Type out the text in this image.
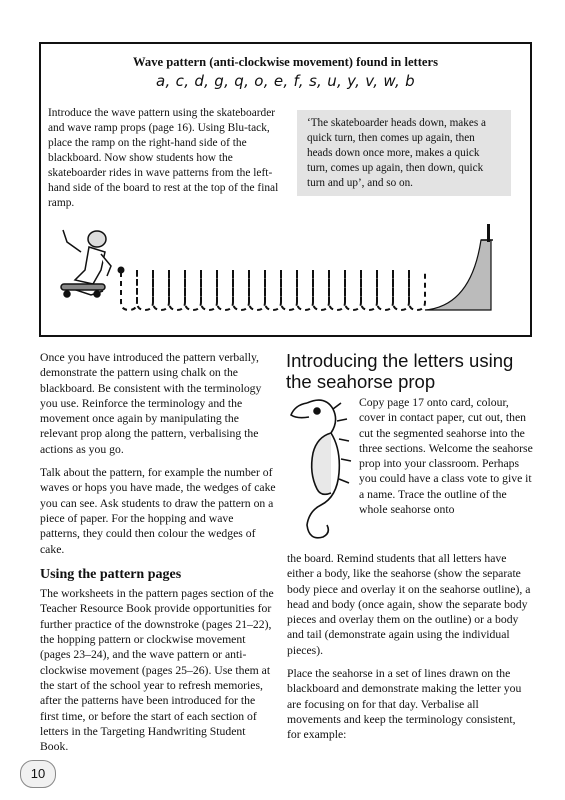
Wave pattern (anti-clockwise movement) found in letters
a, c, d, g, q, o, e, f, s, u, y, v, w, b
Introduce the wave pattern using the skateboarder and wave ramp props (page 16). Using Blu-tack, place the ramp on the right-hand side of the blackboard. Now show students how the skateboarder rides in wave patterns from the left-hand side of the board to rest at the top of the final ramp.
‘The skateboarder heads down, makes a quick turn, then comes up again, then heads down once more, makes a quick turn, comes up again, then down, quick turn and up’, and so on.

Once you have introduced the pattern verbally, demonstrate the pattern using chalk on the blackboard. Be consistent with the terminology you use. Reinforce the terminology and the movement once again by manipulating the relevant prop along the pattern, verbalising the actions as you go.

Talk about the pattern, for example the number of waves or hops you have made, the wedges of cake you can see. Ask students to draw the pattern on a piece of paper. For the hopping and wave patterns, they could then colour the wedges of cake.

Using the pattern pages

The worksheets in the pattern pages section of the Teacher Resource Book provide opportunities for further practice of the downstroke (pages 21–22), the hopping pattern or clockwise movement (pages 23–24), and the wave pattern or anti-clockwise movement (pages 25–26). Use them at the start of the school year to refresh memories, after the patterns have been introduced for the first time, or before the start of each section of letters in the Targeting Handwriting Student Book.

Introducing the letters using the seahorse prop
Copy page 17 onto card, colour, cover in contact paper, cut out, then cut the segmented seahorse into the three sections. Welcome the seahorse prop into your classroom. Perhaps you could have a class vote to give it a name. Trace the outline of the whole seahorse onto

the board. Remind students that all letters have either a body, like the seahorse (show the separate body piece and overlay it on the seahorse outline), a head and body (once again, show the separate body pieces and overlay them on the outline) or a body and tail (demonstrate again using the individual pieces).

Place the seahorse in a set of lines drawn on the blackboard and demonstrate making the letter you are focusing on for that day. Verbalise all movements and keep the terminology consistent, for example:

10
